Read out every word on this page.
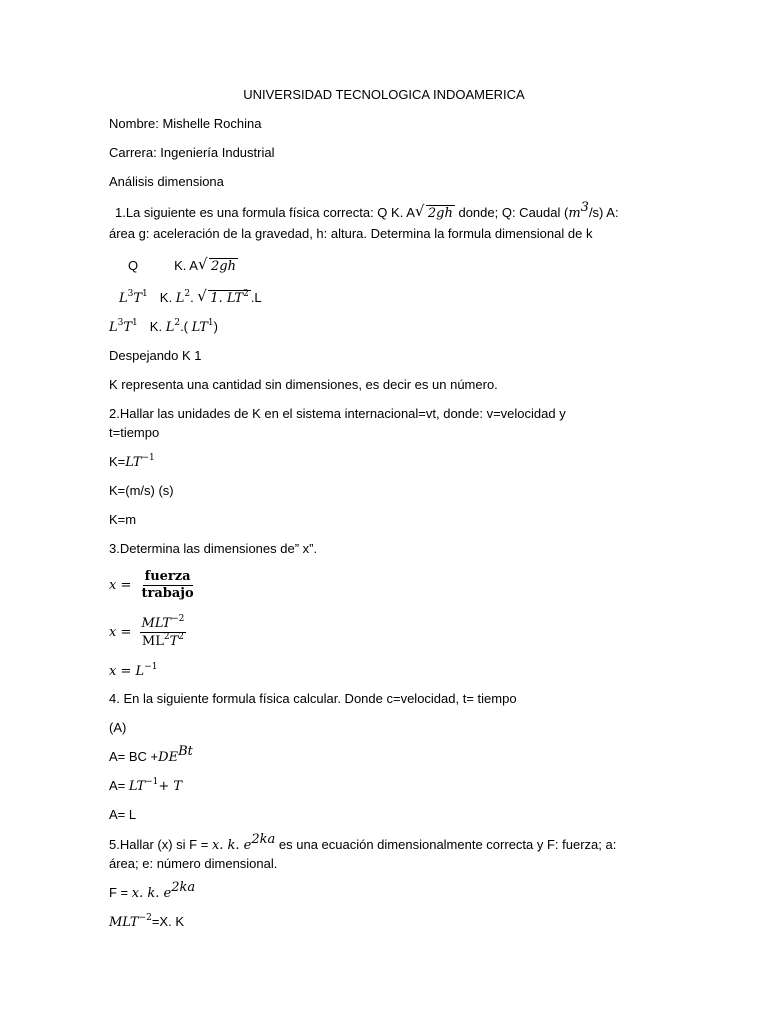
UNIVERSIDAD TECNOLOGICA INDOAMERICA
Nombre: Mishelle Rochina
Carrera: Ingeniería Industrial
Análisis dimensiona
1.La siguiente es una formula física correcta: Q K. A √ 2gh donde; Q: Caudal $(m^3/s)$ A:
área g: aceleración de la gravedad, h: altura. Determina la formula dimensional de k
Q	K. A √ 2gh
$L^3T^1$ K. $L^2$. √ 1. $LT^2$ .L
$L^3T^1$ K. $L^2$.( $LT^1$)
Despejando K 1
K representa una cantidad sin dimensiones, es decir es un número.
2.Hallar las unidades de K en el sistema internacional=vt, donde: v=velocidad y
t=tiempo
$K=LT^{-1}$
K=(m/s) (s)
K=m
3.Determina las dimensiones de” x”.
$x = \frac{\text{fuerza}}{\text{trabajo}}$
$x = \frac{MLT^{-2}}{ML^2T^2}$
$x = L^{-1}$
4. En la siguiente formula física calcular. Donde c=velocidad, t= tiempo
(A)
A= BC $+DE^{Bt}$
$A= LT^{-1}+ T$
A= L
5.Hallar (x) si F = x. k. $e^{2ka}$ es una ecuación dimensionalmente correcta y F: fuerza; a:
área; e: número dimensional.
F = x. k. $e^{2ka}$
$MLT^{-2}=X$. K
